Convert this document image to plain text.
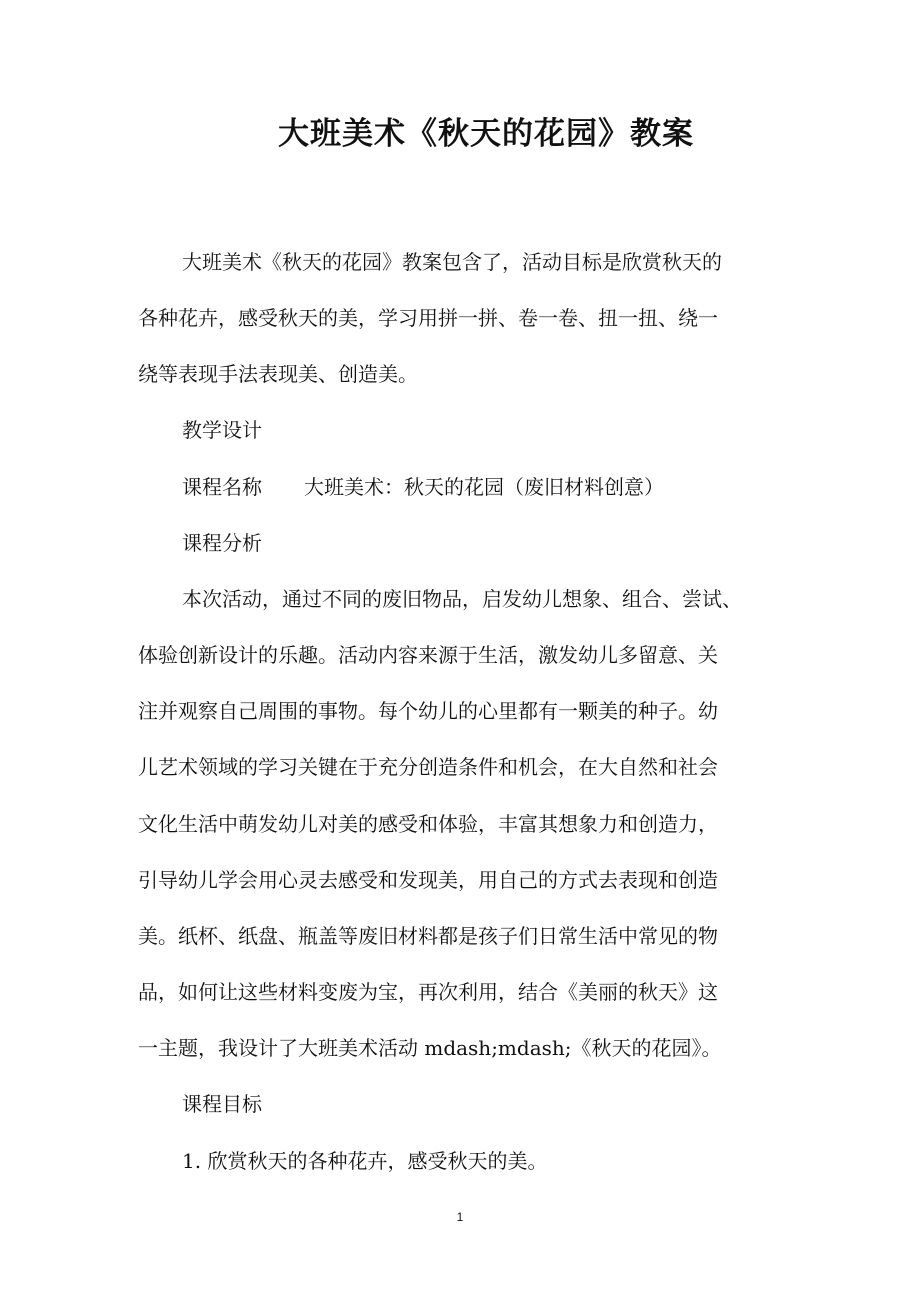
大班美术《秋天的花园》教案
大班美术《秋天的花园》教案包含了，活动目标是欣赏秋天的
各种花卉，感受秋天的美，学习用拼一拼、卷一卷、扭一扭、绕一
绕等表现手法表现美、创造美。
教学设计
课程名称 大班美术：秋天的花园（废旧材料创意）
课程分析
本次活动，通过不同的废旧物品，启发幼儿想象、组合、尝试、
体验创新设计的乐趣。活动内容来源于生活，激发幼儿多留意、关
注并观察自己周围的事物。每个幼儿的心里都有一颗美的种子。幼
儿艺术领域的学习关键在于充分创造条件和机会，在大自然和社会
文化生活中萌发幼儿对美的感受和体验，丰富其想象力和创造力，
引导幼儿学会用心灵去感受和发现美，用自己的方式去表现和创造
美。纸杯、纸盘、瓶盖等废旧材料都是孩子们日常生活中常见的物
品，如何让这些材料变废为宝，再次利用，结合《美丽的秋天》这
一主题，我设计了大班美术活动 mdash;mdash;《秋天的花园》。
课程目标
1. 欣赏秋天的各种花卉，感受秋天的美。
1
